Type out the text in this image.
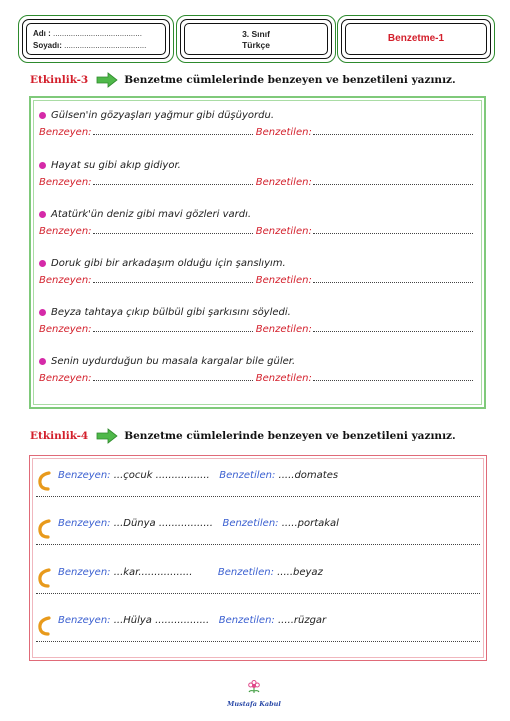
Adı : ........................................
Soyadı: .....................................
3. Sınıf
Türkçe
Benzetme-1
Etkinlik-3	Benzetme cümlelerinde benzeyen ve benzetileni yazınız.
Gülsen'in gözyaşları yağmur gibi düşüyordu.
Benzeyen:	Benzetilen:
Hayat su gibi akıp gidiyor.
Benzeyen:	Benzetilen:
Atatürk'ün deniz gibi mavi gözleri vardı.
Benzeyen:	Benzetilen:
Doruk gibi bir arkadaşım olduğu için şanslıyım.
Benzeyen:	Benzetilen:
Beyza tahtaya çıkıp bülbül gibi şarkısını söyledi.
Benzeyen:	Benzetilen:
Senin uydurduğun bu masala kargalar bile güler.
Benzeyen:	Benzetilen:
Etkinlik-4	Benzetme cümlelerinde benzeyen ve benzetileni yazınız.
Benzeyen: ...çocuk ................. Benzetilen: .....domates
Benzeyen: ...Dünya ................. Benzetilen: .....portakal
Benzeyen: ...kar.................	Benzetilen: .....beyaz
Benzeyen: ...Hülya ................. Benzetilen: .....rüzgar
Mustafa Kabul
